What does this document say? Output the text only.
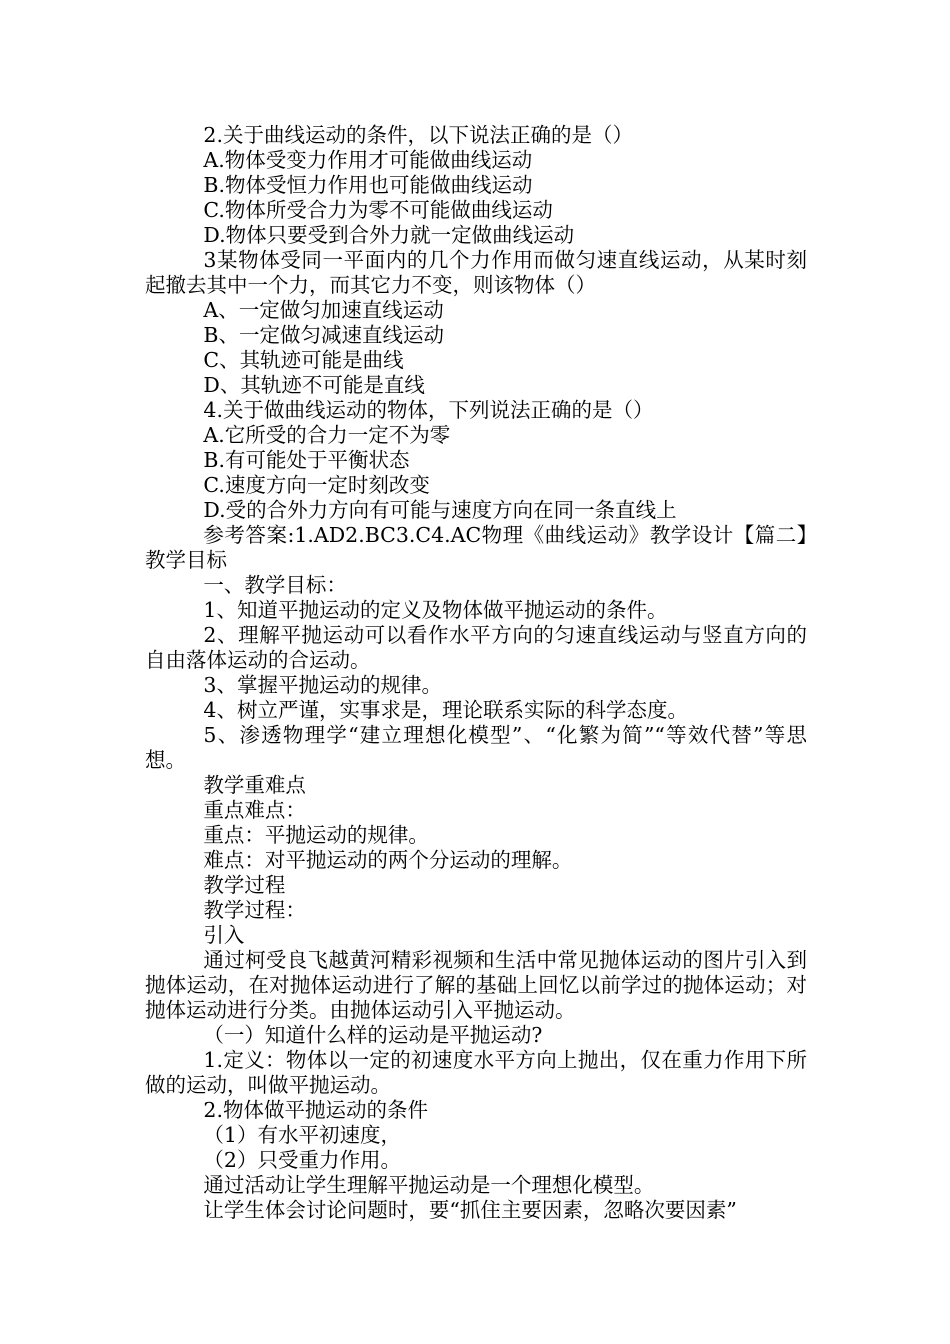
2.关于曲线运动的条件，以下说法正确的是（）

A.物体受变力作用才可能做曲线运动

B.物体受恒力作用也可能做曲线运动

C.物体所受合力为零不可能做曲线运动

D.物体只要受到合外力就一定做曲线运动

3某物体受同一平面内的几个力作用而做匀速直线运动，从某时刻起撤去其中一个力，而其它力不变，则该物体（）

A、一定做匀加速直线运动

B、一定做匀减速直线运动

C、其轨迹可能是曲线

D、其轨迹不可能是直线

4.关于做曲线运动的物体，下列说法正确的是（）

A.它所受的合力一定不为零

B.有可能处于平衡状态

C.速度方向一定时刻改变

D.受的合外力方向有可能与速度方向在同一条直线上

参考答案:1.AD2.BC3.C4.AC物理《曲线运动》教学设计【篇二】教学目标

一、教学目标：

1、知道平抛运动的定义及物体做平抛运动的条件。

2、理解平抛运动可以看作水平方向的匀速直线运动与竖直方向的自由落体运动的合运动。

3、掌握平抛运动的规律。

4、树立严谨，实事求是，理论联系实际的科学态度。

5、渗透物理学“建立理想化模型”、“化繁为简”“等效代替”等思想。

教学重难点

重点难点：

重点：平抛运动的规律。

难点：对平抛运动的两个分运动的理解。

教学过程

教学过程：

引入

通过柯受良飞越黄河精彩视频和生活中常见抛体运动的图片引入到抛体运动，在对抛体运动进行了解的基础上回忆以前学过的抛体运动；对抛体运动进行分类。由抛体运动引入平抛运动。

（一）知道什么样的运动是平抛运动?

1.定义：物体以一定的初速度水平方向上抛出，仅在重力作用下所做的运动，叫做平抛运动。

2.物体做平抛运动的条件

（1）有水平初速度，

（2）只受重力作用。

通过活动让学生理解平抛运动是一个理想化模型。

让学生体会讨论问题时，要“抓住主要因素，忽略次要因素”
